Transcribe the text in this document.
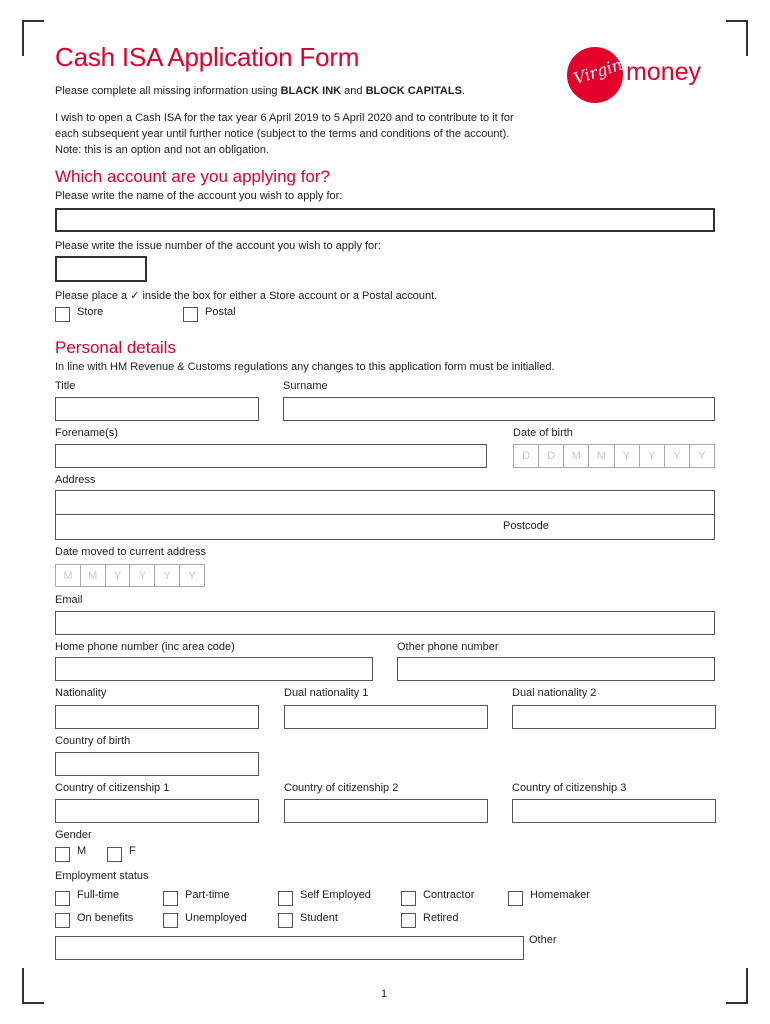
Cash ISA Application Form	Virgin money
Please complete all missing information using BLACK INK and BLOCK CAPITALS.
I wish to open a Cash ISA for the tax year 6 April 2019 to 5 April 2020 and to contribute to it for each subsequent year until further notice (subject to the terms and conditions of the account). Note: this is an option and not an obligation.
Which account are you applying for?
Please write the name of the account you wish to apply for:
Please write the issue number of the account you wish to apply for:
Please place a ✓ inside the box for either a Store account or a Postal account.
Store	Postal
Personal details
In line with HM Revenue & Customs regulations any changes to this application form must be initialled.
Title	Surname
Forename(s)	Date of birth
D	D	M	M	Y	Y	Y	Y
Address
Postcode
Date moved to current address
M	M	Y	Y	Y	Y
Email
Home phone number (inc area code)	Other phone number
Nationality	Dual nationality 1	Dual nationality 2
Country of birth
Country of citizenship 1	Country of citizenship 2	Country of citizenship 3
Gender
M	F
Employment status
Full-time	Part-time	Self Employed	Contractor	Homemaker
On benefits	Unemployed	Student	Retired
Other
1
